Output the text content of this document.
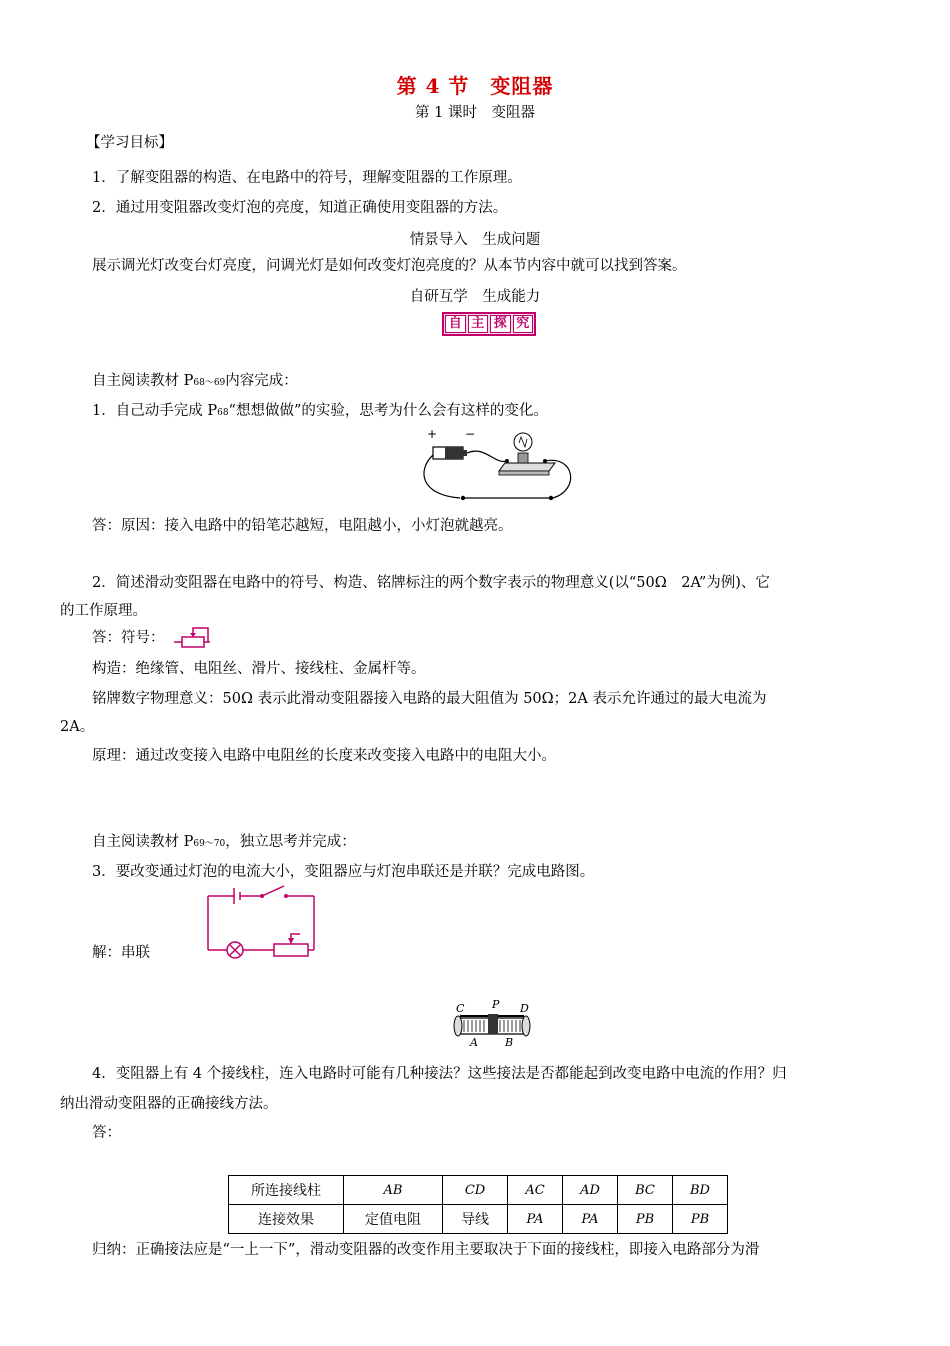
第 4 节　变阻器
第 1 课时　变阻器
【学习目标】
1．了解变阻器的构造、在电路中的符号，理解变阻器的工作原理。
2．通过用变阻器改变灯泡的亮度，知道正确使用变阻器的方法。
情景导入　生成问题
展示调光灯改变台灯亮度，问调光灯是如何改变灯泡亮度的？从本节内容中就可以找到答案。
自研互学　生成能力
自 主 探 究
自主阅读教材 P68～69内容完成：
1．自己动手完成 P68“想想做做”的实验，思考为什么会有这样的变化。
+ −
答：原因：接入电路中的铅笔芯越短，电阻越小，小灯泡就越亮。
2．简述滑动变阻器在电路中的符号、构造、铭牌标注的两个数字表示的物理意义(以“50Ω　2A”为例)、它
的工作原理。
答：符号：
构造：绝缘管、电阻丝、滑片、接线柱、金属杆等。
铭牌数字物理意义：50Ω 表示此滑动变阻器接入电路的最大阻值为 50Ω；2A 表示允许通过的最大电流为
2A。
原理：通过改变接入电路中电阻丝的长度来改变接入电路中的电阻大小。
自主阅读教材 P69～70，独立思考并完成：
3．要改变通过灯泡的电流大小，变阻器应与灯泡串联还是并联？完成电路图。
解：串联
C	P D
A B
4．变阻器上有 4 个接线柱，连入电路时可能有几种接法？这些接法是否都能起到改变电路中电流的作用？归
纳出滑动变阻器的正确接线方法。
答：
所连接线柱	AB	CD	AC	AD	BC	BD
连接效果	定值电阻	导线	PA	PA	PB	PB
归纳：正确接法应是“一上一下”，滑动变阻器的改变作用主要取决于下面的接线柱，即接入电路部分为滑
